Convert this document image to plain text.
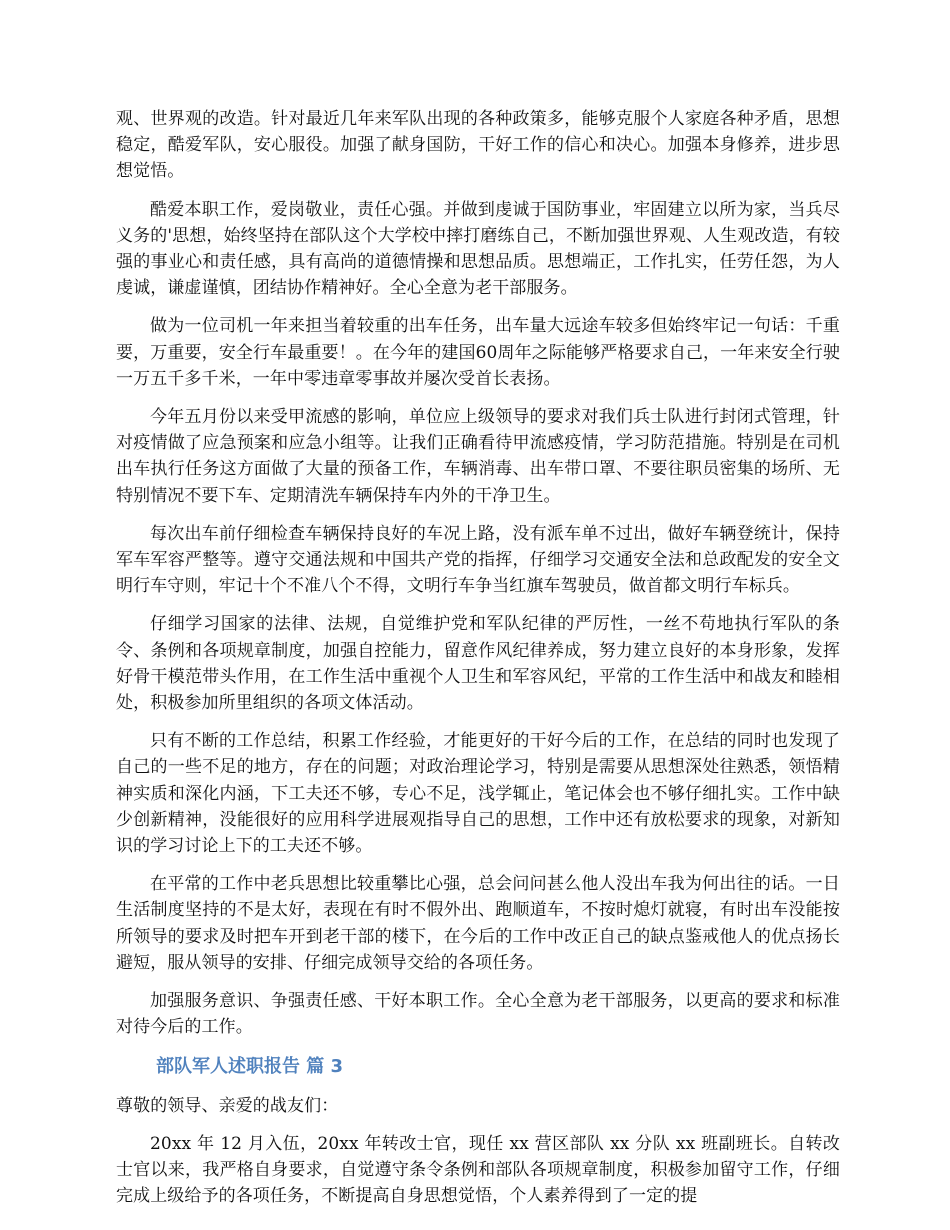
观、世界观的改造。针对最近几年来军队出现的各种政策多，能够克服个人家庭各种矛盾，思想稳定，酷爱军队，安心服役。加强了献身国防，干好工作的信心和决心。加强本身修养，进步思想觉悟。

酷爱本职工作，爱岗敬业，责任心强。并做到虔诚于国防事业，牢固建立以所为家，当兵尽义务的'思想，始终坚持在部队这个大学校中摔打磨练自己，不断加强世界观、人生观改造，有较强的事业心和责任感，具有高尚的道德情操和思想品质。思想端正，工作扎实，任劳任怨，为人虔诚，谦虚谨慎，团结协作精神好。全心全意为老干部服务。

做为一位司机一年来担当着较重的出车任务，出车量大远途车较多但始终牢记一句话：千重要，万重要，安全行车最重要！。在今年的建国60周年之际能够严格要求自己，一年来安全行驶一万五千多千米，一年中零违章零事故并屡次受首长表扬。

今年五月份以来受甲流感的影响，单位应上级领导的要求对我们兵士队进行封闭式管理，针对疫情做了应急预案和应急小组等。让我们正确看待甲流感疫情，学习防范措施。特别是在司机出车执行任务这方面做了大量的预备工作，车辆消毒、出车带口罩、不要往职员密集的场所、无特别情况不要下车、定期清洗车辆保持车内外的干净卫生。

每次出车前仔细检查车辆保持良好的车况上路，没有派车单不过出，做好车辆登统计，保持军车军容严整等。遵守交通法规和中国共产党的指挥，仔细学习交通安全法和总政配发的安全文明行车守则，牢记十个不准八个不得，文明行车争当红旗车驾驶员，做首都文明行车标兵。

仔细学习国家的法律、法规，自觉维护党和军队纪律的严厉性，一丝不苟地执行军队的条令、条例和各项规章制度，加强自控能力，留意作风纪律养成，努力建立良好的本身形象，发挥好骨干模范带头作用，在工作生活中重视个人卫生和军容风纪，平常的工作生活中和战友和睦相处，积极参加所里组织的各项文体活动。

只有不断的工作总结，积累工作经验，才能更好的干好今后的工作，在总结的同时也发现了自己的一些不足的地方，存在的问题；对政治理论学习，特别是需要从思想深处往熟悉，领悟精神实质和深化内涵，下工夫还不够，专心不足，浅学辄止，笔记体会也不够仔细扎实。工作中缺少创新精神，没能很好的应用科学进展观指导自己的思想，工作中还有放松要求的现象，对新知识的学习讨论上下的工夫还不够。

在平常的工作中老兵思想比较重攀比心强，总会问问甚么他人没出车我为何出往的话。一日生活制度坚持的不是太好，表现在有时不假外出、跑顺道车，不按时熄灯就寝，有时出车没能按所领导的要求及时把车开到老干部的楼下，在今后的工作中改正自己的缺点鉴戒他人的优点扬长避短，服从领导的安排、仔细完成领导交给的各项任务。

加强服务意识、争强责任感、干好本职工作。全心全意为老干部服务，以更高的要求和标准对待今后的工作。

部队军人述职报告 篇 3

尊敬的领导、亲爱的战友们：

20xx 年 12 月入伍，20xx 年转改士官，现任 xx 营区部队 xx 分队 xx 班副班长。自转改士官以来，我严格自身要求，自觉遵守条令条例和部队各项规章制度，积极参加留守工作，仔细完成上级给予的各项任务，不断提高自身思想觉悟，个人素养得到了一定的提
